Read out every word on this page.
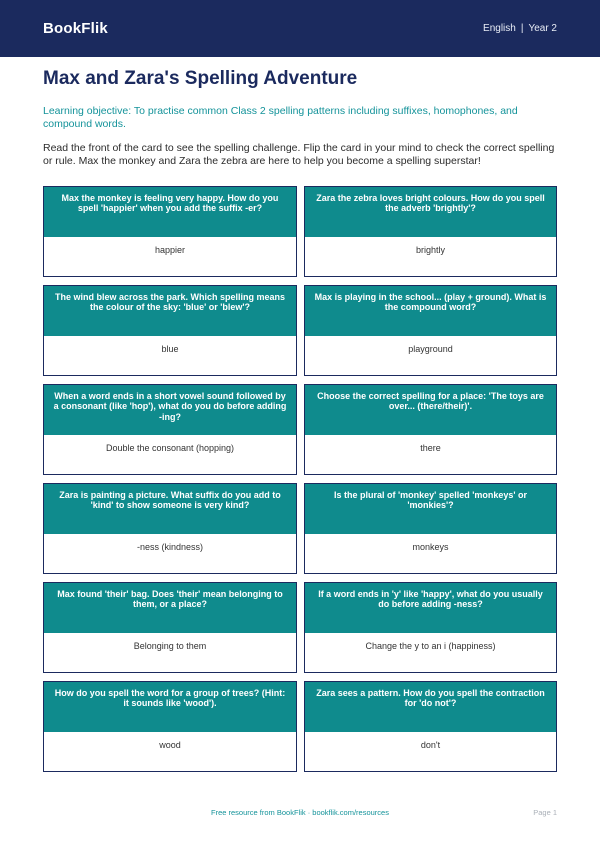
BookFlik	English | Year 2
Max and Zara's Spelling Adventure

Learning objective: To practise common Class 2 spelling patterns including suffixes, homophones, and compound words.

Read the front of the card to see the spelling challenge. Flip the card in your mind to check the correct spelling or rule. Max the monkey and Zara the zebra are here to help you become a spelling superstar!

Max the monkey is feeling very happy. How do you spell 'happier' when you add the suffix -er?
happier
Zara the zebra loves bright colours. How do you spell the adverb 'brightly'?
brightly
The wind blew across the park. Which spelling means the colour of the sky: 'blue' or 'blew'?
blue
Max is playing in the school... (play + ground). What is the compound word?
playground
When a word ends in a short vowel sound followed by a consonant (like 'hop'), what do you do before adding -ing?
Double the consonant (hopping)
Choose the correct spelling for a place: 'The toys are over... (there/their)'.
there
Zara is painting a picture. What suffix do you add to 'kind' to show someone is very kind?
-ness (kindness)
Is the plural of 'monkey' spelled 'monkeys' or 'monkies'?
monkeys
Max found 'their' bag. Does 'their' mean belonging to them, or a place?
Belonging to them
If a word ends in 'y' like 'happy', what do you usually do before adding -ness?
Change the y to an i (happiness)
How do you spell the word for a group of trees? (Hint: it sounds like 'wood').
wood
Zara sees a pattern. How do you spell the contraction for 'do not'?
don't
Free resource from BookFlik · bookflik.com/resources	Page 1
